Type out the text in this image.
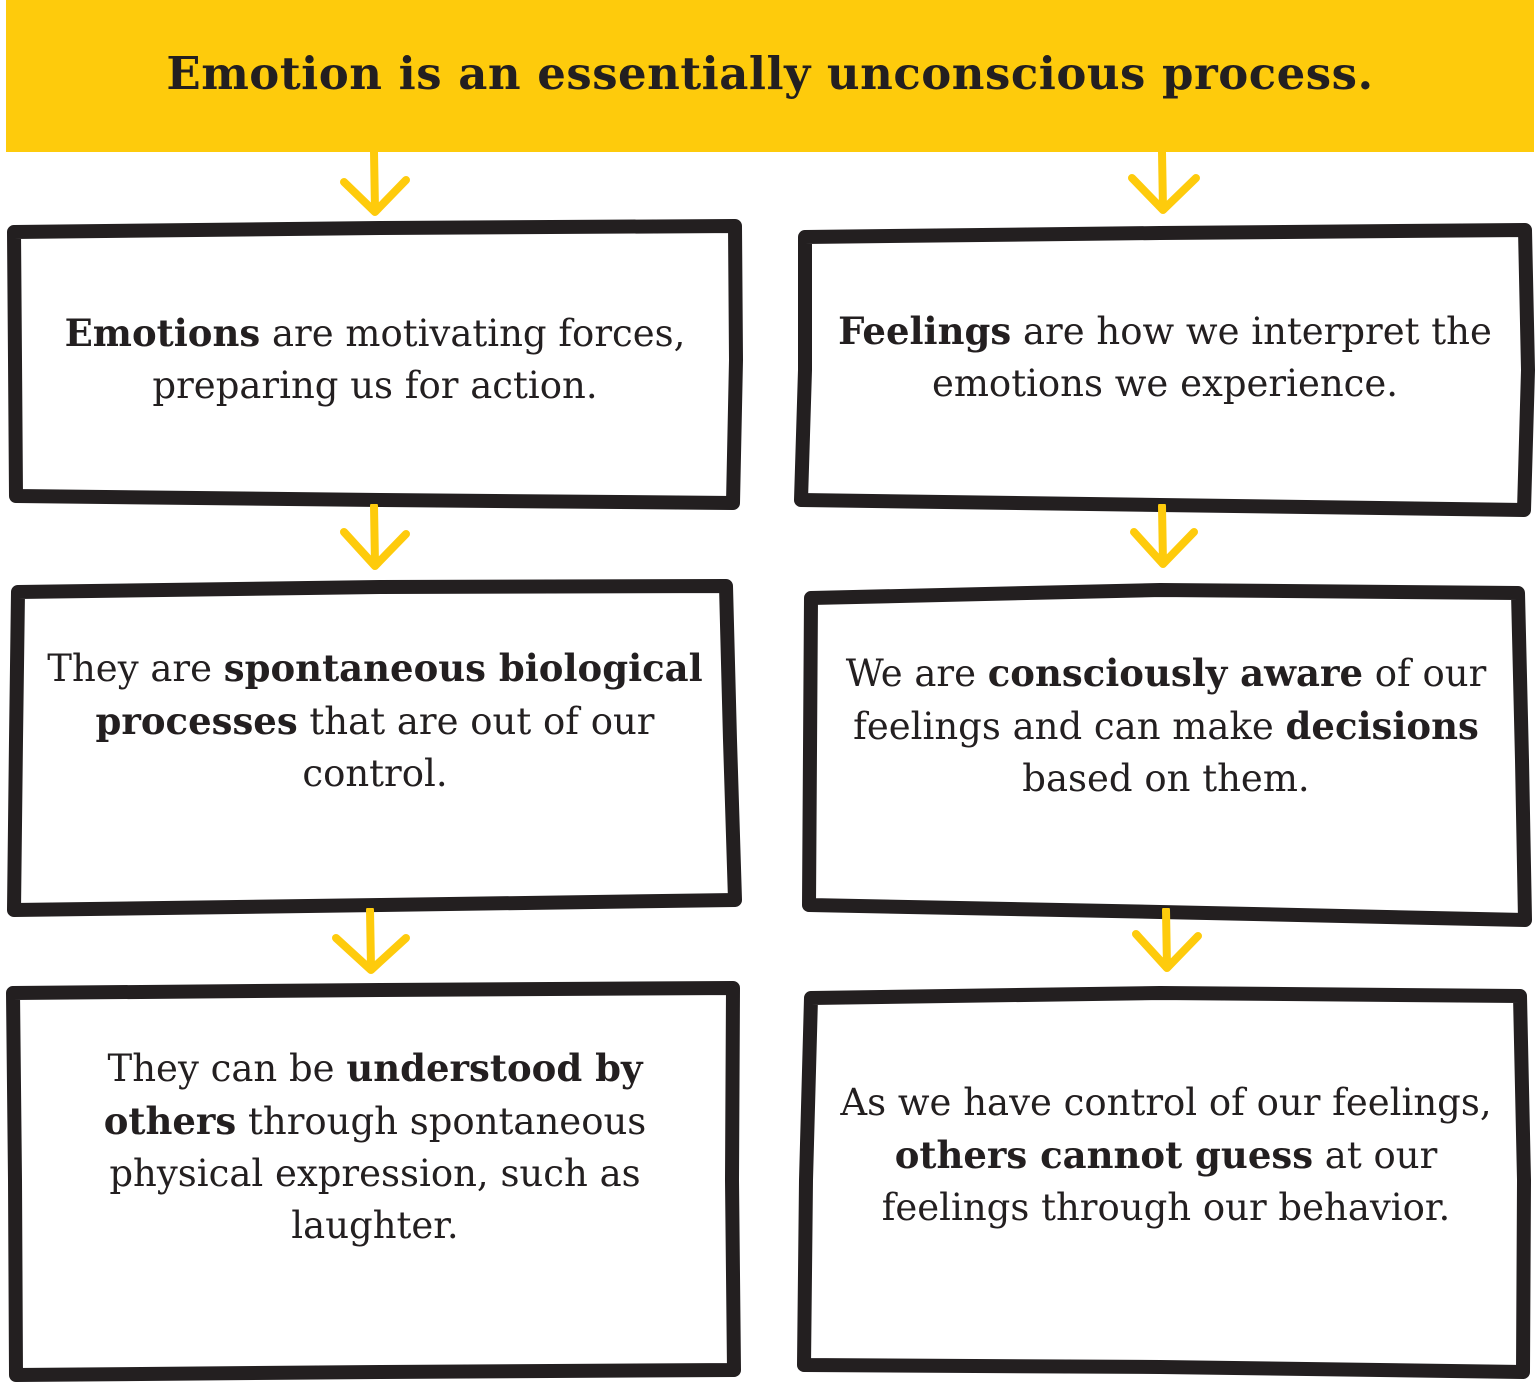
Emotion is an essentially unconscious process.

Emotions are motivating forces, preparing us for action.

They are spontaneous biological processes that are out of our control.

They can be understood by others through spontaneous physical expression, such as laughter.

Feelings are how we interpret the emotions we experience.

We are consciously aware of our feelings and can make decisions based on them.

As we have control of our feelings, others cannot guess at our feelings through our behavior.
